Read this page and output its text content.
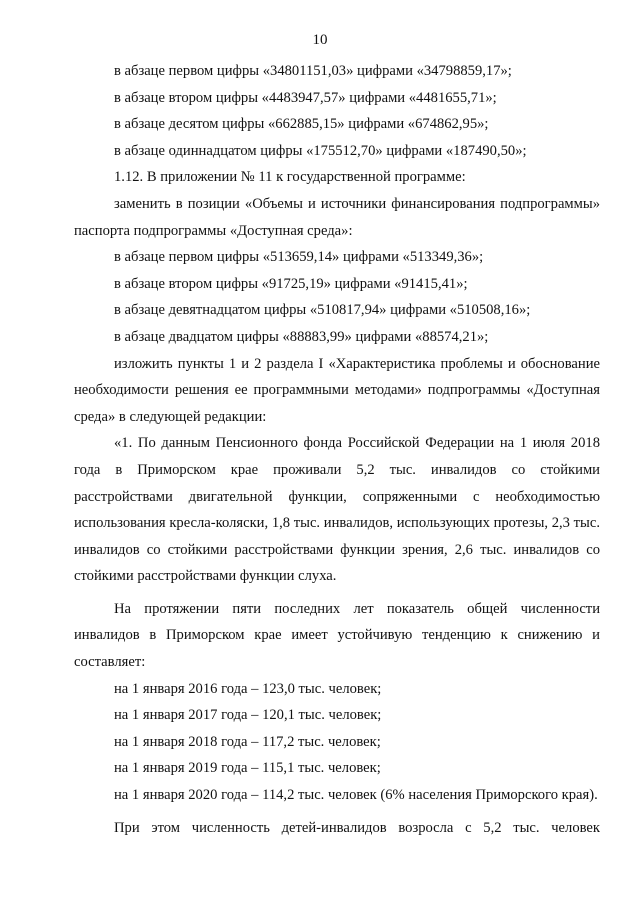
10

в абзаце первом цифры «34801151,03» цифрами «34798859,17»;

в абзаце втором цифры «4483947,57» цифрами «4481655,71»;

в абзаце десятом цифры «662885,15» цифрами «674862,95»;

в абзаце одиннадцатом цифры «175512,70» цифрами «187490,50»;

1.12. В приложении № 11 к государственной программе:

заменить в позиции «Объемы и источники финансирования подпрограммы» паспорта подпрограммы «Доступная среда»:

в абзаце первом цифры «513659,14» цифрами «513349,36»;

в абзаце втором цифры «91725,19» цифрами «91415,41»;

в абзаце девятнадцатом цифры «510817,94» цифрами «510508,16»;

в абзаце двадцатом цифры «88883,99» цифрами «88574,21»;

изложить пункты 1 и 2 раздела I «Характеристика проблемы и обоснование необходимости решения ее программными методами» подпрограммы «Доступная среда» в следующей редакции:

«1. По данным Пенсионного фонда Российской Федерации на 1 июля 2018 года в Приморском крае проживали 5,2 тыс. инвалидов со стойкими расстройствами двигательной функции, сопряженными с необходимостью использования кресла-коляски, 1,8 тыс. инвалидов, использующих протезы, 2,3 тыс. инвалидов со стойкими расстройствами функции зрения, 2,6 тыс. инвалидов со стойкими расстройствами функции слуха.

На протяжении пяти последних лет показатель общей численности инвалидов в Приморском крае имеет устойчивую тенденцию к снижению и составляет:

на 1 января 2016 года – 123,0 тыс. человек;

на 1 января 2017 года – 120,1 тыс. человек;

на 1 января 2018 года – 117,2 тыс. человек;

на 1 января 2019 года – 115,1 тыс. человек;

на 1 января 2020 года – 114,2 тыс. человек (6% населения Приморского края).

При этом численность детей-инвалидов возросла с 5,2 тыс. человек
